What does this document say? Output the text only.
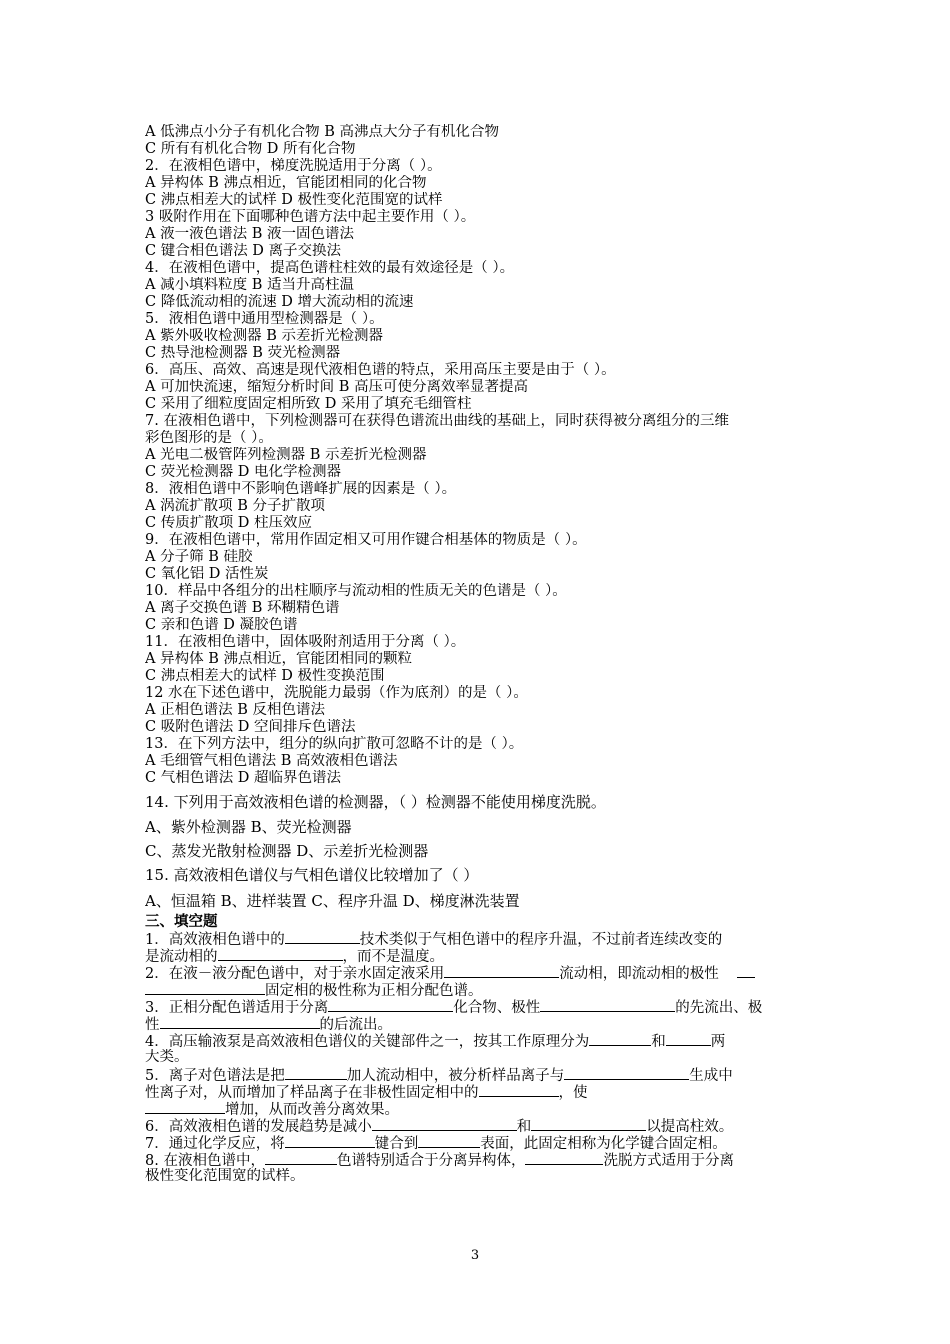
A 低沸点小分子有机化合物 B 高沸点大分子有机化合物
C 所有有机化合物 D 所有化合物
2．在液相色谱中，梯度洗脱适用于分离（ ）。
A 异构体 B 沸点相近，官能团相同的化合物
C 沸点相差大的试样 D 极性变化范围宽的试样
3 吸附作用在下面哪种色谱方法中起主要作用（ ）。
A 液一液色谱法 B 液一固色谱法
C 键合相色谱法 D 离子交换法
4．在液相色谱中，提高色谱柱柱效的最有效途径是（ ）。
A 减小填料粒度 B 适当升高柱温
C 降低流动相的流速 D 增大流动相的流速
5．液相色谱中通用型检测器是（ ）。
A 紫外吸收检测器 B 示差折光检测器
C 热导池检测器 B 荧光检测器
6．高压、高效、高速是现代液相色谱的特点，采用高压主要是由于（ ）。
A 可加快流速，缩短分析时间 B 高压可使分离效率显著提高
C 采用了细粒度固定相所致 D 采用了填充毛细管柱
7. 在液相色谱中，下列检测器可在获得色谱流出曲线的基础上，同时获得被分离组分的三维
彩色图形的是（ ）。
A 光电二极管阵列检测器 B 示差折光检测器
C 荧光检测器 D 电化学检测器
8．液相色谱中不影响色谱峰扩展的因素是（ ）。
A 涡流扩散项 B 分子扩散项
C 传质扩散项 D 柱压效应
9．在液相色谱中，常用作固定相又可用作键合相基体的物质是（ ）。
A 分子筛 B 硅胶
C 氧化铝 D 活性炭
10．样品中各组分的出柱顺序与流动相的性质无关的色谱是（ ）。
A 离子交换色谱 B 环糊精色谱
C 亲和色谱 D 凝胶色谱
11．在液相色谱中，固体吸附剂适用于分离（ ）。
A 异构体 B 沸点相近，官能团相同的颗粒
C 沸点相差大的试样 D 极性变换范围
12 水在下述色谱中，洗脱能力最弱（作为底剂）的是（ ）。
A 正相色谱法 B 反相色谱法
C 吸附色谱法 D 空间排斥色谱法
13．在下列方法中，组分的纵向扩散可忽略不计的是（ ）。
A 毛细管气相色谱法 B 高效液相色谱法
C 气相色谱法 D 超临界色谱法
14. 下列用于高效液相色谱的检测器，（ ）检测器不能使用梯度洗脱。
A、紫外检测器 B、荧光检测器
C、蒸发光散射检测器 D、示差折光检测器
15. 高效液相色谱仪与气相色谱仪比较增加了（ ）
A、恒温箱 B、进样装置 C、程序升温 D、梯度淋洗装置
三、填空题
1．高效液相色谱中的	技术类似于气相色谱中的程序升温，不过前者连续改变的
是流动相的	，而不是温度。
2．在液－液分配色谱中，对于亲水固定液采用	流动相，即流动相的极性
固定相的极性称为正相分配色谱。
3．正相分配色谱适用于分离	化合物、极性	的先流出、极
性	的后流出。
4．高压输液泵是高效液相色谱仪的关键部件之一，按其工作原理分为	和	两
大类。
5．离子对色谱法是把	加人流动相中，被分析样品离子与	生成中
性离子对，从而增加了样品离子在非极性固定相中的	，使
增加，从而改善分离效果。
6．高效液相色谱的发展趋势是减小	和	以提高柱效。
7．通过化学反应，将	键合到	表面，此固定相称为化学键合固定相。
8. 在液相色谱中，	色谱特别适合于分离异构体，	洗脱方式适用于分离
极性变化范围宽的试样。
3
